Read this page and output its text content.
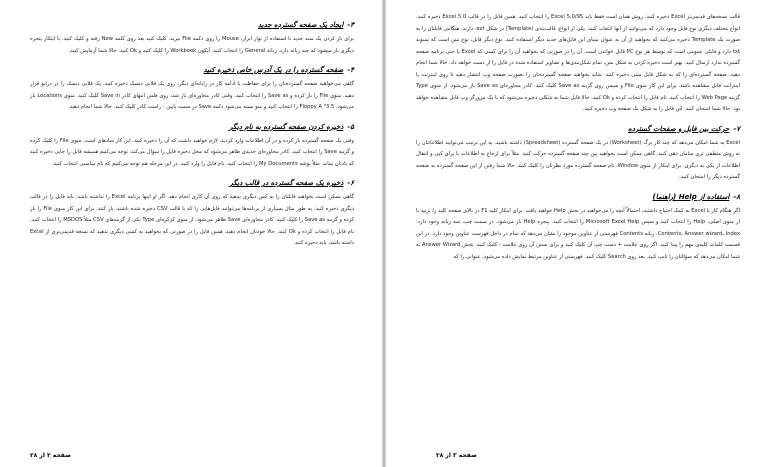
۳-ایجاد یک صفحه گسترده جدید

برای باز کردن یک سند جدید با استفاده از نوار ابزار، Mouse را روی دکمه File ببرید، کلیک کنید بعد روی کلمه New رفته و کلیک کنید. با ایتکار پنجره دیگری باز میشود که چند زبانه دارد. زبانه General را انتخاب کنید. آیکون Workbook را کلیک کنید و Ok کنید. حالا شما آزمایش کنید.

۴-صفحه گسترده را در یک آدرس خاص ذخیره کنید

گاهی می‌خواهید صفحه گسترده‌تان را برای حفاظت یا ادامه کار در رایانه‌ای دیگر، روی یک فلاپی دیسک ذخیره کنید. یک فلاپی دیسک را در درایو قرار دهید. منوی File را باز کرده و Save as را انتخاب کنید. وقتی کادر محاوره‌ای باز شد، روی فلش انتهای کادر Save in کلیک کنید. منوی Locations باز می‌شود. 3.5" Floppy A را انتخاب کنید و منو بسته می‌شود دکمه Save در سمت پایین - راست کادر کلیک کنید. حالا شما انجام دهید.

۵-ذخیره کردن صفحه گسترده به نام دیگر

وقتی یک صفحه گسترده باز کرده و در آن اطلاعات وارد کردید، لازم خواهید داشت که آن را ذخیره کنید. این کار سادهای است. منوی File را کلیک کرده و گزینه Save را انتخاب کنید. کادر محاوره‌ای جدیدی ظاهر می‌شود که محل ذخیره فایل را سؤال می‌کند. توجه می‌کنیم همیشه فایل را جایی ذخیره کنید که یادتان بماند. مثلاً پوشه My Documents را انتخاب کنید. نام فایل را وارد کنید. در این مرحله هم توجه می‌کنیم که نام مناسبی انتخاب کنید.

۶-ذخیره یک صفحه گسترده در قالب دیگر

گاهی ممکن است بخواهید فایلتان را به کس دیگری بدهید که روی آن کاری انجام دهد. اگر او اینها برنامه Excel را نداشته باشد، باید فایل را در قالب دیگری ذخیره کنید. به طور مثال بسیاری از برنامه‌ها می‌توانند فایل‌هایی را که با قالب CSV ذخیره شده باشند، باز کنند. برای این کار منوی File را باز کرده و گزینه Save as را کلیک کنید. کادر محاوره‌ای Save ظاهر می‌شود. از منوی کرکره‌ای Type یکی از گزینه‌های CSV مثلاً MSDOS را انتخاب کنید. نام فایل را انتخاب کرده و Ok کنید. حالا خودتان انجام دهید. همین فایل را در صورتی که بخواهید به کسی دیگری بدهید که نسخه قدیمی‌تری از Excel داشته باشد، باید ذخیره کنید.

صفحه ۲ از ۲۸

قالب نسخه‌های قدیمی‌تر Excel ذخیره کنید. روش همان است فقط باید Excel 5.0/95 را انتخاب کنید. همین فایل را در قالب Excel 5.0 ذخیره کنید. انواع مختلف دیگری نوع فایل وجود دارد که می‌توانید از آنها انتخاب کنید. یکی از انواع، قالب‌بندی (Template) در شکل ext. دارند. هنگامی فایلتان را به صورت یک Template ذخیره می‌کنید که بخواهید از آن به عنوان مبنای این فایل‌های جدید دیگر استفاده کنید. نوع دیگر فایل، نوع متن است که پسوند txt دارد و فایلی عمومی است که توسط هر نوع PC قابل خواندن است. آن را در صورتی که بخواهید آن را برای کسی که Excel یا حتی برنامه صفحه گسترده ندارد ارسال کنید. بهتر است ذخیره کردن به شکل متن، تمام شکل‌بندی‌ها و تصاویر استفاده شده در فایل را از دست خواهد داد. حالا شما انجام دهید. صفحه گسترده‌ای را که به شکل فایل متنی ذخیره کنید. شاید بخواهید صفحه گسترده‌تان را بصورت صفحه وب انتشار دهید تا روی اینترنت یا اینترانت قابل مشاهده باشد. برای این کار منوی File و سپس روی گزینه Save as کلیک کنید. کادر محاوره‌ای Save as باز می‌شود. از منوی Type گزینه Web Page را انتخاب کنید. نام فایل را انتخاب کرده و Ok کنید. حالا فایل شما به شکلی ذخیره می‌شود که با یک مرورگر وب قابل مشاهده خواهد بود. حالا شما امتحان کنید. این فایل را به شکل یک صفحه وب ذخیره کنید.

۷-حرکت بین فایل و صفحات گسترده

Excel به شما امکان می‌دهد که چند کار برگ (Worksheet) در یک صفحه گسترده (Spreadsheet) داشته باشید. به این ترتیب می‌توانید اطلاعاتتان را به روش منطقی تری سامان دهی کنید. گاهی ممکن است بخواهید بین چند صفحه گسترده حرکت کنید. مثلاً برای ارجاع به اطلاعات یا برای کپی و انتقال اطلاعات از یکی به دیگری. برای اینکار از منوی Window، نام صفحه گسترده مورد نظرتان را کلیک کنید. حالا شما رفتن از این صفحه گسترده به صفحه گسترده دیگر را امتحان کنید.

۸-استفاده از Help (راهنما)

اگر هنگام کار با Excel به کمک احتیاج داشتید، احتمالاً آنچه را می‌خواهید در بخش Help خواهید یافت. برای اینکار کلید F1 در بالای صفحه کلید را بزنید یا از منوی اصلی، Help را انتخاب کنید و سپس Microsoft Excel Help را انتخاب کنید. پنجره Help باز می‌شود. در سمت چپ، سه زبانه وجود دارد: Contents، Answer wizard، Index. زبانه Contents فهرستی از عناوین موجود را نشان می‌دهد که تمام در داخل فهرست عناوین وجود دارد. در این قسمت کلمات کلیدی مهم را پیدا کنید. اگر روی علامت + دست چپ آن کلیک کنید و برای بستن آن روی علامت - کلیک کنید. بخش Answer Wizard به شما امکان می‌دهد که سؤالتان را تایپ کنید. بعد روی Search کلیک کنید. فهرستی از عناوین مرتبط نمایش داده می‌شود. عنوانی را که

صفحه ۳ از ۲۸
